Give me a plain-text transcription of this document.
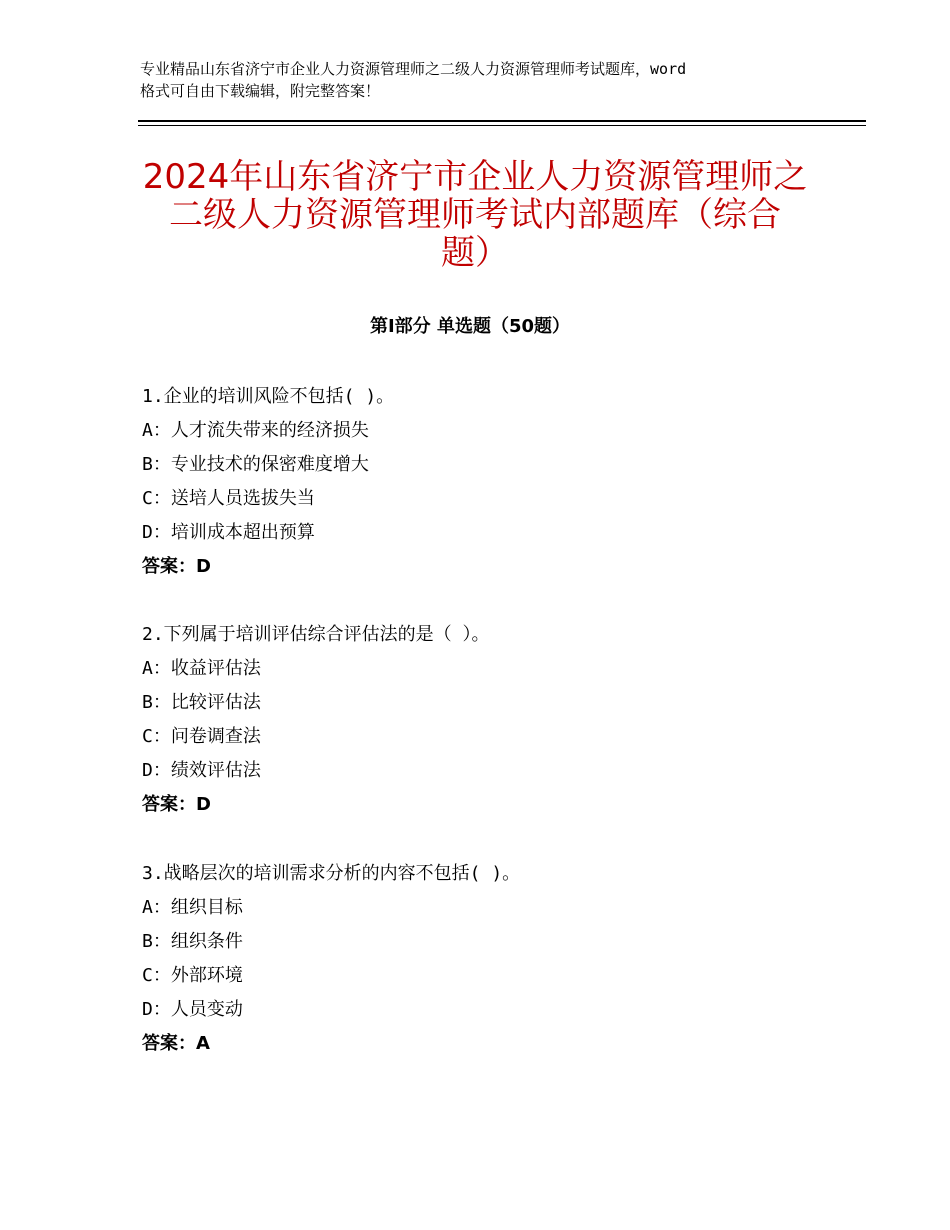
专业精品山东省济宁市企业人力资源管理师之二级人力资源管理师考试题库，word
格式可自由下载编辑，附完整答案！
2024年山东省济宁市企业人力资源管理师之
二级人力资源管理师考试内部题库（综合
题）
第Ⅰ部分 单选题（50题）
1.企业的培训风险不包括( )。
A：人才流失带来的经济损失
B：专业技术的保密难度增大
C：送培人员选拔失当
D：培训成本超出预算
答案：D
2.下列属于培训评估综合评估法的是（ ）。
A：收益评估法
B：比较评估法
C：问卷调查法
D：绩效评估法
答案：D
3.战略层次的培训需求分析的内容不包括( )。
A：组织目标
B：组织条件
C：外部环境
D：人员变动
答案：A
